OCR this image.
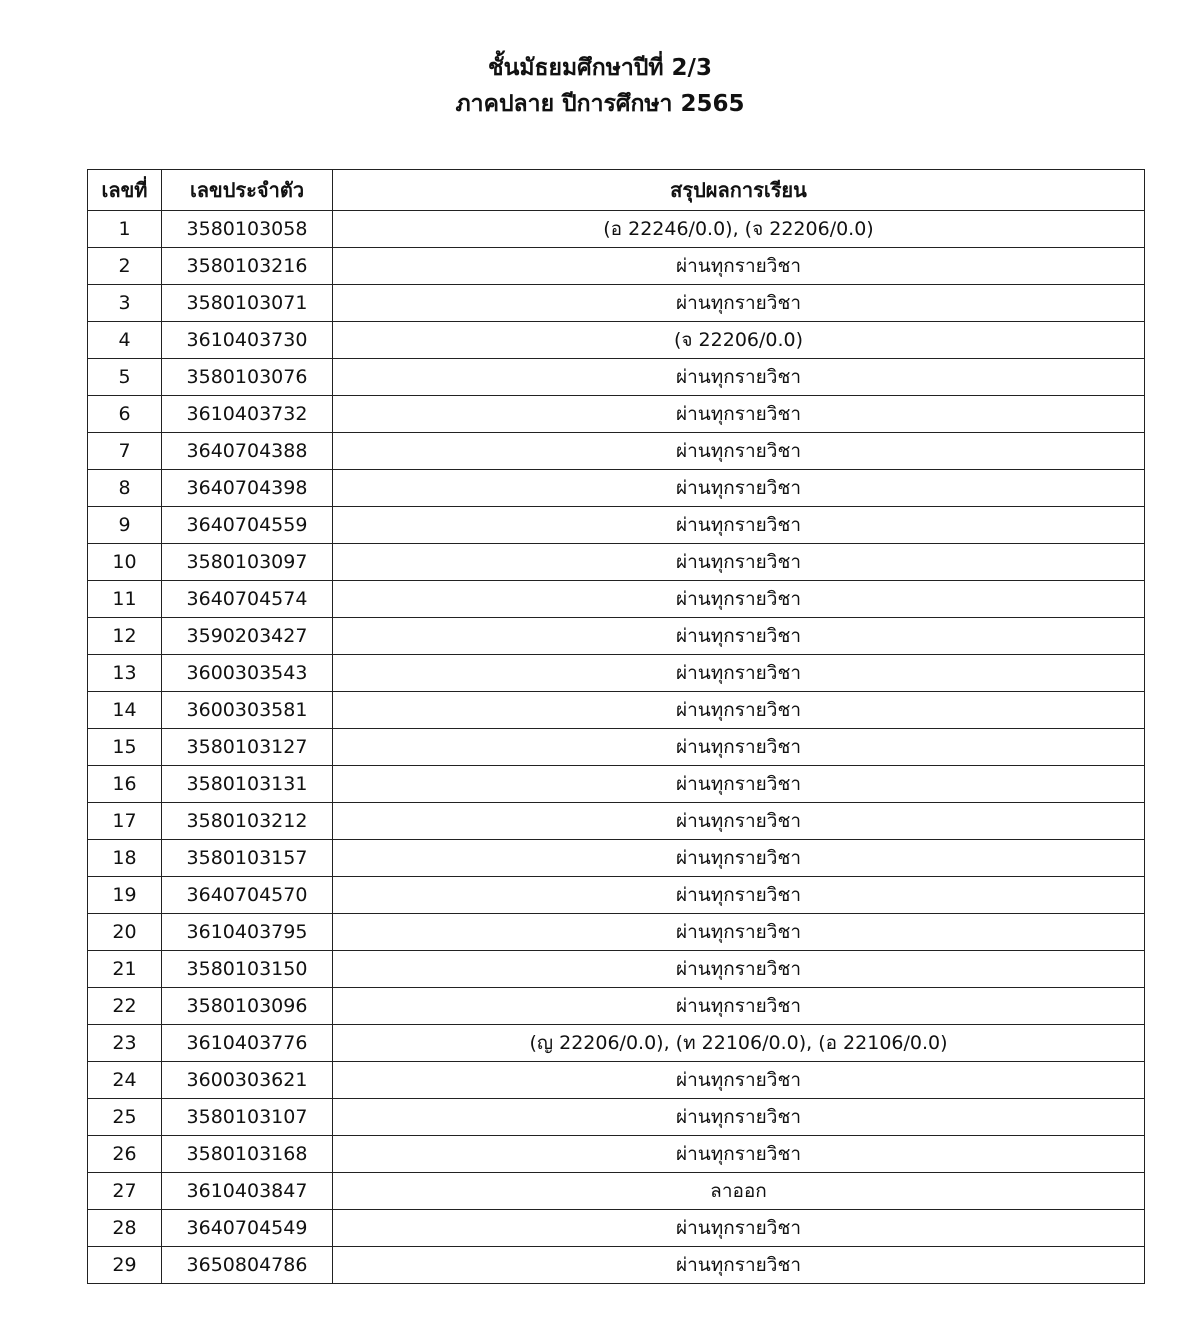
ชั้นมัธยมศึกษาปีที่ 2/3
ภาคปลาย ปีการศึกษา 2565
เลขที่	เลขประจำตัว	สรุปผลการเรียน
1	3580103058	(อ 22246/0.0), (จ 22206/0.0)
2	3580103216	ผ่านทุกรายวิชา
3	3580103071	ผ่านทุกรายวิชา
4	3610403730	(จ 22206/0.0)
5	3580103076	ผ่านทุกรายวิชา
6	3610403732	ผ่านทุกรายวิชา
7	3640704388	ผ่านทุกรายวิชา
8	3640704398	ผ่านทุกรายวิชา
9	3640704559	ผ่านทุกรายวิชา
10	3580103097	ผ่านทุกรายวิชา
11	3640704574	ผ่านทุกรายวิชา
12	3590203427	ผ่านทุกรายวิชา
13	3600303543	ผ่านทุกรายวิชา
14	3600303581	ผ่านทุกรายวิชา
15	3580103127	ผ่านทุกรายวิชา
16	3580103131	ผ่านทุกรายวิชา
17	3580103212	ผ่านทุกรายวิชา
18	3580103157	ผ่านทุกรายวิชา
19	3640704570	ผ่านทุกรายวิชา
20	3610403795	ผ่านทุกรายวิชา
21	3580103150	ผ่านทุกรายวิชา
22	3580103096	ผ่านทุกรายวิชา
23	3610403776	(ญ 22206/0.0), (ท 22106/0.0), (อ 22106/0.0)
24	3600303621	ผ่านทุกรายวิชา
25	3580103107	ผ่านทุกรายวิชา
26	3580103168	ผ่านทุกรายวิชา
27	3610403847	ลาออก
28	3640704549	ผ่านทุกรายวิชา
29	3650804786	ผ่านทุกรายวิชา
